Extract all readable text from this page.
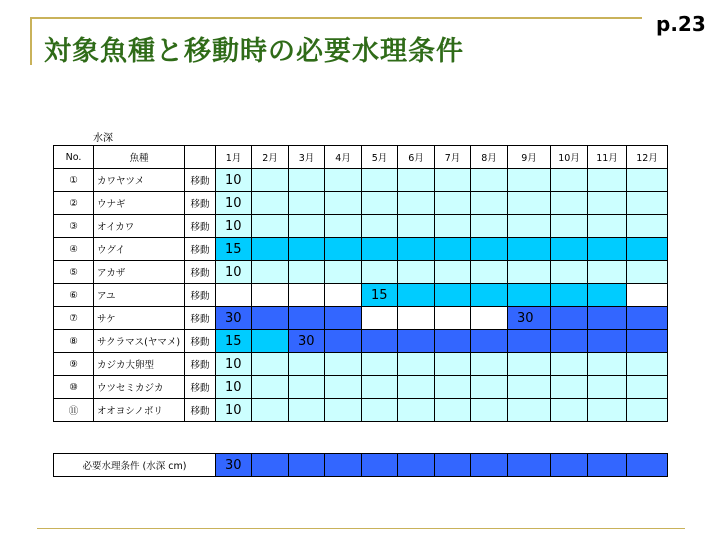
対象魚種と移動時の必要水理条件
p.23
水深
No.	魚種		1月	2月	3月	4月	5月	6月	7月	8月	9月	10月	11月	12月
①	カワヤツメ	移動	10											
②	ウナギ	移動	10											
③	オイカワ	移動	10											
④	ウグイ	移動	15											
⑤	アカザ	移動	10											
⑥	アユ	移動					15							
⑦	サケ	移動	30								30			
⑧	サクラマス(ヤマメ)	移動	15		30									
⑨	カジカ大卵型	移動	10											
⑩	ウツセミカジカ	移動	10											
⑪	オオヨシノボリ	移動	10											
必要水理条件 (水深 cm)	30											
